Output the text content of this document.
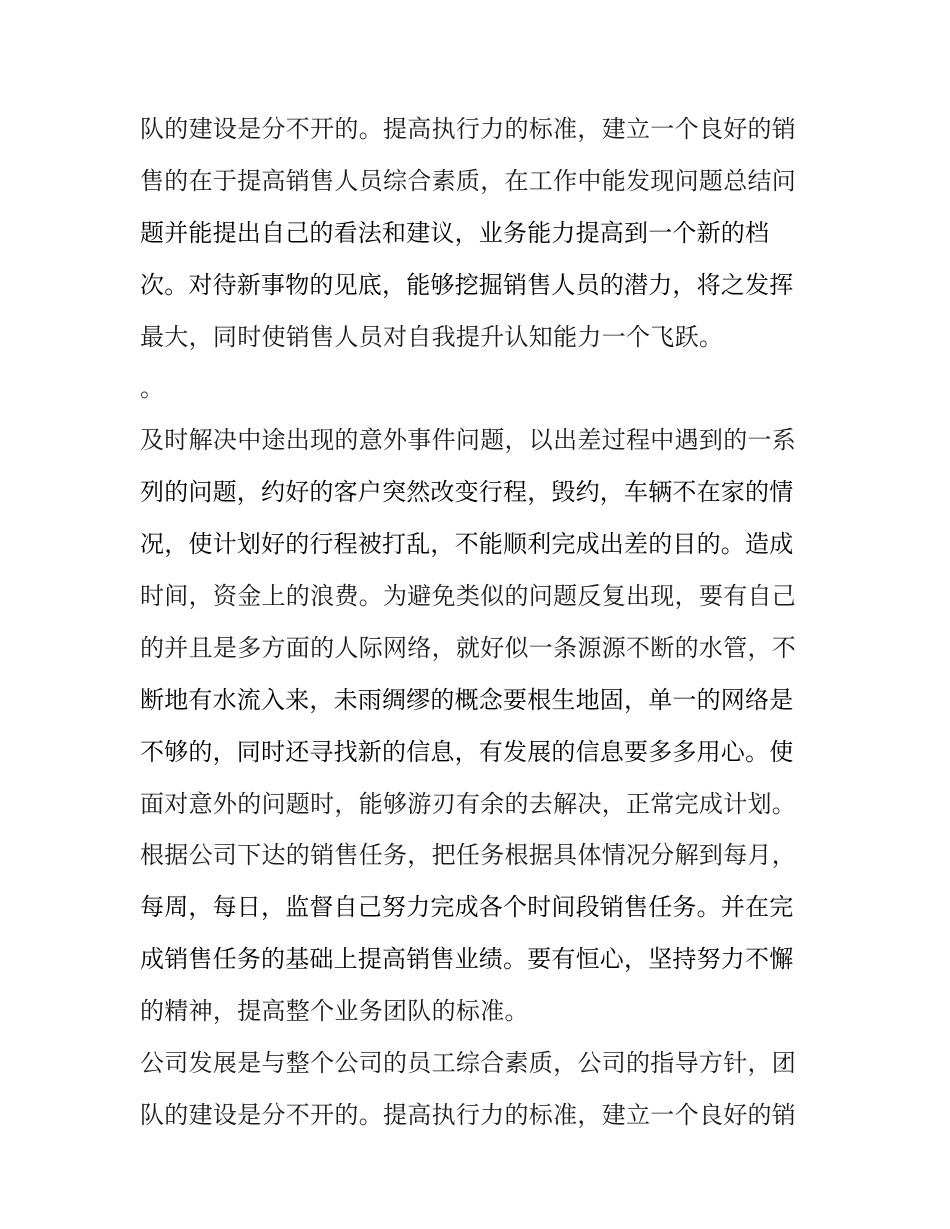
队的建设是分不开的。提高执行力的标准，建立一个良好的销
售的在于提高销售人员综合素质，在工作中能发现问题总结问
题并能提出自己的看法和建议，业务能力提高到一个新的档
次。对待新事物的见底，能够挖掘销售人员的潜力，将之发挥
最大，同时使销售人员对自我提升认知能力一个飞跃。
。
及时解决中途出现的意外事件问题，以出差过程中遇到的一系
列的问题，约好的客户突然改变行程，毁约，车辆不在家的情
况，使计划好的行程被打乱，不能顺利完成出差的目的。造成
时间，资金上的浪费。为避免类似的问题反复出现，要有自己
的并且是多方面的人际网络，就好似一条源源不断的水管，不
断地有水流入来，未雨绸缪的概念要根生地固，单一的网络是
不够的，同时还寻找新的信息，有发展的信息要多多用心。使
面对意外的问题时，能够游刃有余的去解决，正常完成计划。
根据公司下达的销售任务，把任务根据具体情况分解到每月，
每周，每日，监督自己努力完成各个时间段销售任务。并在完
成销售任务的基础上提高销售业绩。要有恒心，坚持努力不懈
的精神，提高整个业务团队的标准。
公司发展是与整个公司的员工综合素质，公司的指导方针，团
队的建设是分不开的。提高执行力的标准，建立一个良好的销
